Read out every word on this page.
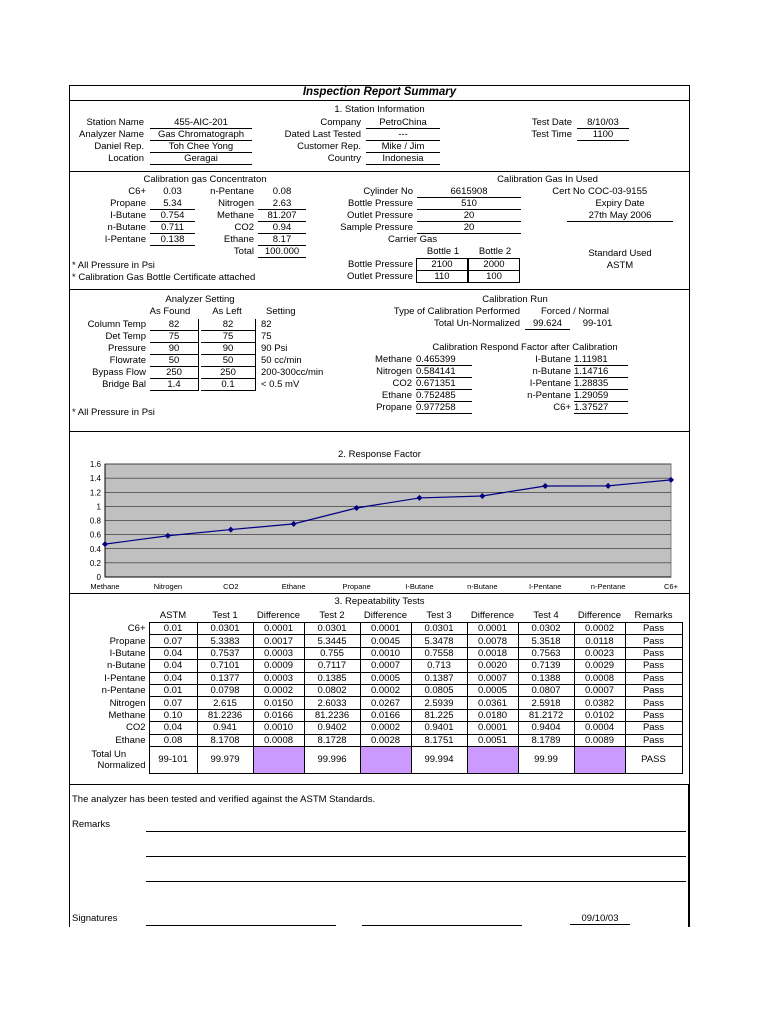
Inspection Report Summary
1. Station Information
Station Name	455-AIC-201
Analyzer Name	Gas Chromatograph
Daniel Rep.	Toh Chee Yong
Location	Geragai
Company	PetroChina
Dated Last Tested	---
Customer Rep.	Mike / Jim
Country	Indonesia
Test Date	8/10/03
Test Time	1100
Calibration gas Concentraton	Calibration Gas In Used
C6+	0.03
Propane	5.34
I-Butane	0.754
n-Butane	0.711
I-Pentane	0.138
n-Pentane	0.08
Nitrogen	2.63
Methane	81.207
CO2	0.94
Ethane	8.17
Total	100.000
Cylinder No	6615908
Bottle Pressure	510
Outlet Pressure	20
Sample Pressure	20
Cert No COC-03-9155
Expiry Date
27th May 2006
Carrier Gas
Bottle 1	Bottle 2
Bottle Pressure	2100	2000
Outlet Pressure	110	100
Standard Used
ASTM
* All Pressure in Psi
* Calibration Gas Bottle Certificate attached
Analyzer Setting
As Found	As Left	Setting
Column Temp	82	82	82
Det Temp	75	75	75
Pressure	90	90	90 Psi
Flowrate	50	50	50 cc/min
Bypass Flow	250	250	200-300cc/min
Bridge Bal	1.4	0.1	< 0.5 mV
* All Pressure in Psi
Calibration Run
Type of Calibration Performed	Forced / Normal
Total Un-Normalized	99.624	99-101
Calibration Respond Factor after Calibration
Methane 0.465399
Nitrogen 0.584141
CO2 0.671351
Ethane 0.752485
Propane 0.977258
I-Butane 1.11981
n-Butane 1.14716
I-Pentane 1.28835
n-Pentane 1.29059
C6+ 1.37527
2. Response Factor
0
0.2
0.4
0.6
0.8
1
1.2
1.4
1.6
Methane	Nitrogen	CO2	Ethane	Propane	I-Butane	n-Butane	I-Pentane	n-Pentane	C6+
3. Repeatability Tests
	ASTM	Test 1	Difference	Test 2	Difference	Test 3	Difference	Test 4	Difference	Remarks
C6+	0.01	0.0301	0.0001	0.0301	0.0001	0.0301	0.0001	0.0302	0.0002	Pass
Propane	0.07	5.3383	0.0017	5.3445	0.0045	5.3478	0.0078	5.3518	0.0118	Pass
I-Butane	0.04	0.7537	0.0003	0.755	0.0010	0.7558	0.0018	0.7563	0.0023	Pass
n-Butane	0.04	0.7101	0.0009	0.7117	0.0007	0.713	0.0020	0.7139	0.0029	Pass
I-Pentane	0.04	0.1377	0.0003	0.1385	0.0005	0.1387	0.0007	0.1388	0.0008	Pass
n-Pentane	0.01	0.0798	0.0002	0.0802	0.0002	0.0805	0.0005	0.0807	0.0007	Pass
Nitrogen	0.07	2.615	0.0150	2.6033	0.0267	2.5939	0.0361	2.5918	0.0382	Pass
Methane	0.10	81.2236	0.0166	81.2236	0.0166	81.225	0.0180	81.2172	0.0102	Pass
CO2	0.04	0.941	0.0010	0.9402	0.0002	0.9401	0.0001	0.9404	0.0004	Pass
Ethane	0.08	8.1708	0.0008	8.1728	0.0028	8.1751	0.0051	8.1789	0.0089	Pass

Total Un
Normalized	99-101	99.979		99.996		99.994		99.99		PASS
The analyzer has been tested and verified against the ASTM Standards.
Remarks
Signatures	09/10/03
